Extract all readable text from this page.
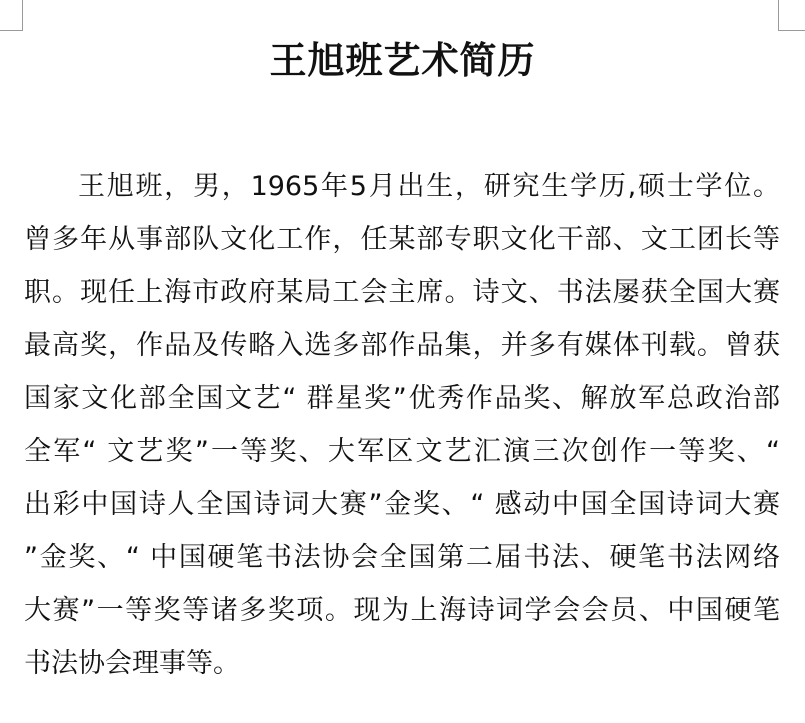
王旭班艺术简历
王旭班，男，1965年5月出生，研究生学历,硕士学位。
曾多年从事部队文化工作，任某部专职文化干部、文工团长等
职。现任上海市政府某局工会主席。诗文、书法屡获全国大赛
最高奖，作品及传略入选多部作品集，并多有媒体刊载。曾获
国家文化部全国文艺“ 群星奖”优秀作品奖、解放军总政治部
全军“ 文艺奖”一等奖、大军区文艺汇演三次创作一等奖、“
出彩中国诗人全国诗词大赛”金奖、“ 感动中国全国诗词大赛
”金奖、“ 中国硬笔书法协会全国第二届书法、硬笔书法网络
大赛”一等奖等诸多奖项。现为上海诗词学会会员、中国硬笔
书法协会理事等。
